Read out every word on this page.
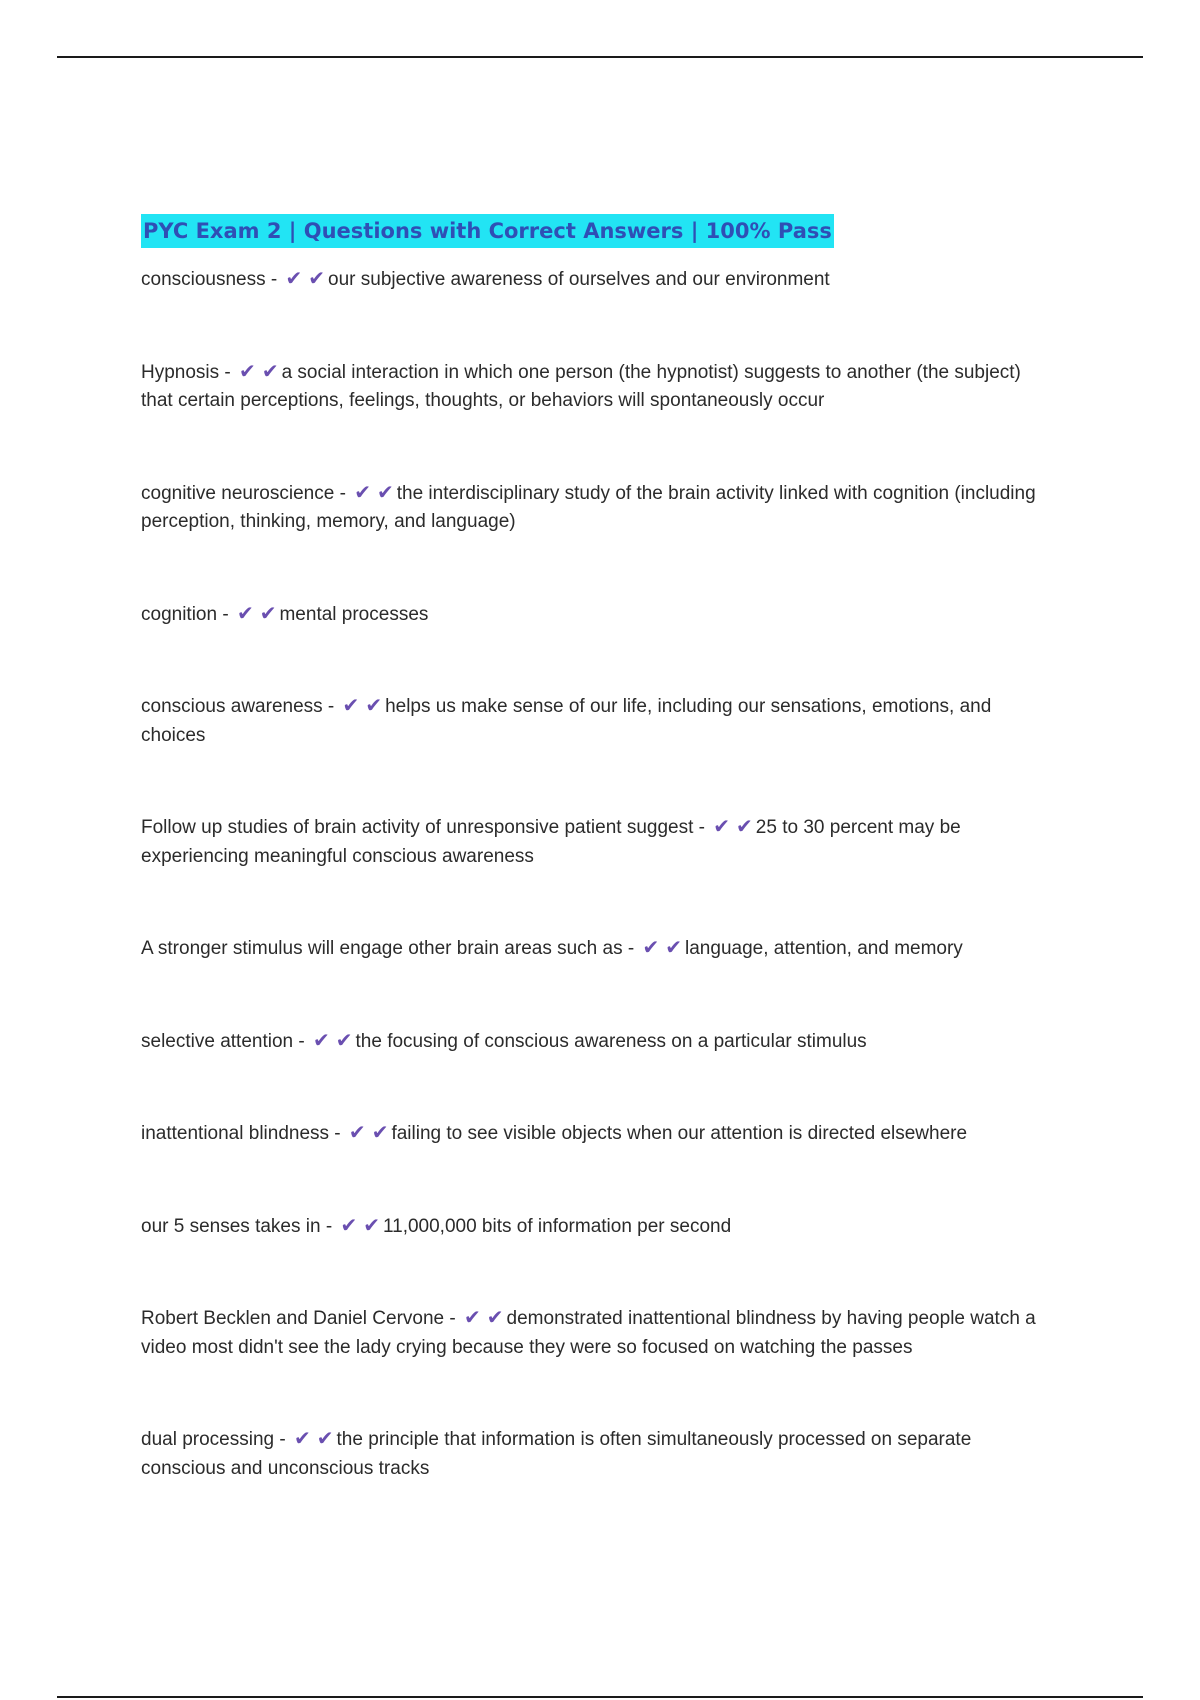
PYC Exam 2 | Questions with Correct Answers | 100% Pass

consciousness - ✔ ✔ our subjective awareness of ourselves and our environment

Hypnosis - ✔ ✔ a social interaction in which one person (the hypnotist) suggests to another (the subject) that certain perceptions, feelings, thoughts, or behaviors will spontaneously occur

cognitive neuroscience - ✔ ✔ the interdisciplinary study of the brain activity linked with cognition (including perception, thinking, memory, and language)

cognition - ✔ ✔ mental processes

conscious awareness - ✔ ✔ helps us make sense of our life, including our sensations, emotions, and choices

Follow up studies of brain activity of unresponsive patient suggest - ✔ ✔ 25 to 30 percent may be experiencing meaningful conscious awareness

A stronger stimulus will engage other brain areas such as - ✔ ✔ language, attention, and memory

selective attention - ✔ ✔ the focusing of conscious awareness on a particular stimulus

inattentional blindness - ✔ ✔ failing to see visible objects when our attention is directed elsewhere

our 5 senses takes in - ✔ ✔ 11,000,000 bits of information per second

Robert Becklen and Daniel Cervone - ✔ ✔ demonstrated inattentional blindness by having people watch a video most didn't see the lady crying because they were so focused on watching the passes

dual processing - ✔ ✔ the principle that information is often simultaneously processed on separate conscious and unconscious tracks
